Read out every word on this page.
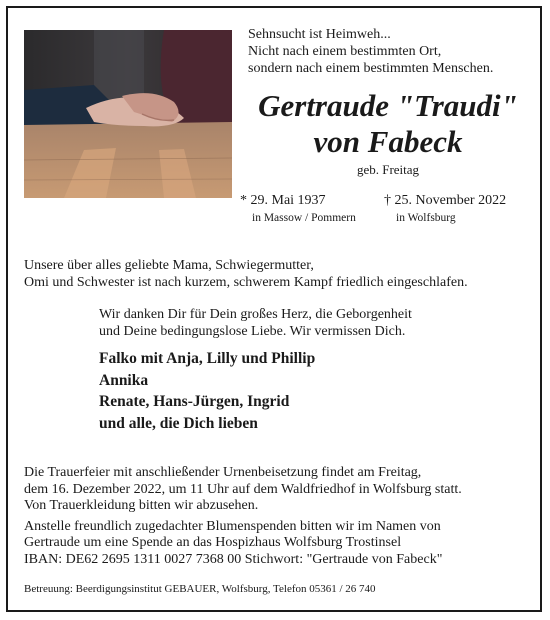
Sehnsucht ist Heimweh...
Nicht nach einem bestimmten Ort,
sondern nach einem bestimmten Menschen.
Gertraude "Traudi"
von Fabeck
geb. Freitag
* 29. Mai 1937
in Massow / Pommern
† 25. November 2022
in Wolfsburg
Unsere über alles geliebte Mama, Schwiegermutter,
Omi und Schwester ist nach kurzem, schwerem Kampf friedlich eingeschlafen.
Wir danken Dir für Dein großes Herz, die Geborgenheit
und Deine bedingungslose Liebe. Wir vermissen Dich.
Falko mit Anja, Lilly und Phillip
Annika
Renate, Hans-Jürgen, Ingrid
und alle, die Dich lieben

Die Trauerfeier mit anschließender Urnenbeisetzung findet am Freitag,
dem 16. Dezember 2022, um 11 Uhr auf dem Waldfriedhof in Wolfsburg statt.
Von Trauerkleidung bitten wir abzusehen.

Anstelle freundlich zugedachter Blumenspenden bitten wir im Namen von
Gertraude um eine Spende an das Hospizhaus Wolfsburg Trostinsel
IBAN: DE62 2695 1311 0027 7368 00 Stichwort: "Gertraude von Fabeck"

Betreuung: Beerdigungsinstitut GEBAUER, Wolfsburg, Telefon 05361 / 26 740
